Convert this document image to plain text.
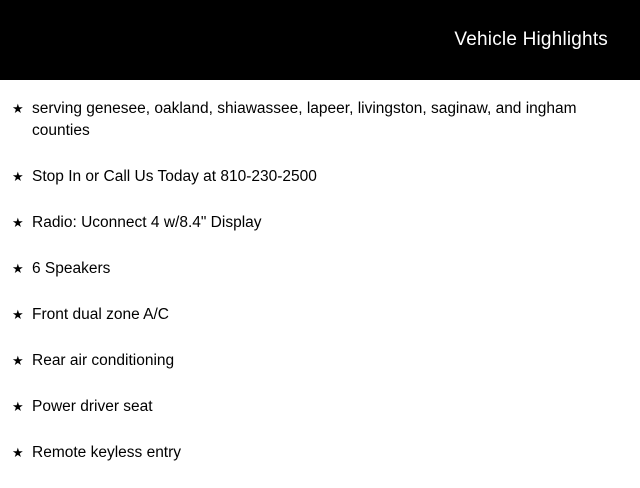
Vehicle Highlights
★ serving genesee, oakland, shiawassee, lapeer, livingston, saginaw, and ingham counties
★ Stop In or Call Us Today at 810-230-2500
★ Radio: Uconnect 4 w/8.4" Display
★ 6 Speakers
★ Front dual zone A/C
★ Rear air conditioning
★ Power driver seat
★ Remote keyless entry
